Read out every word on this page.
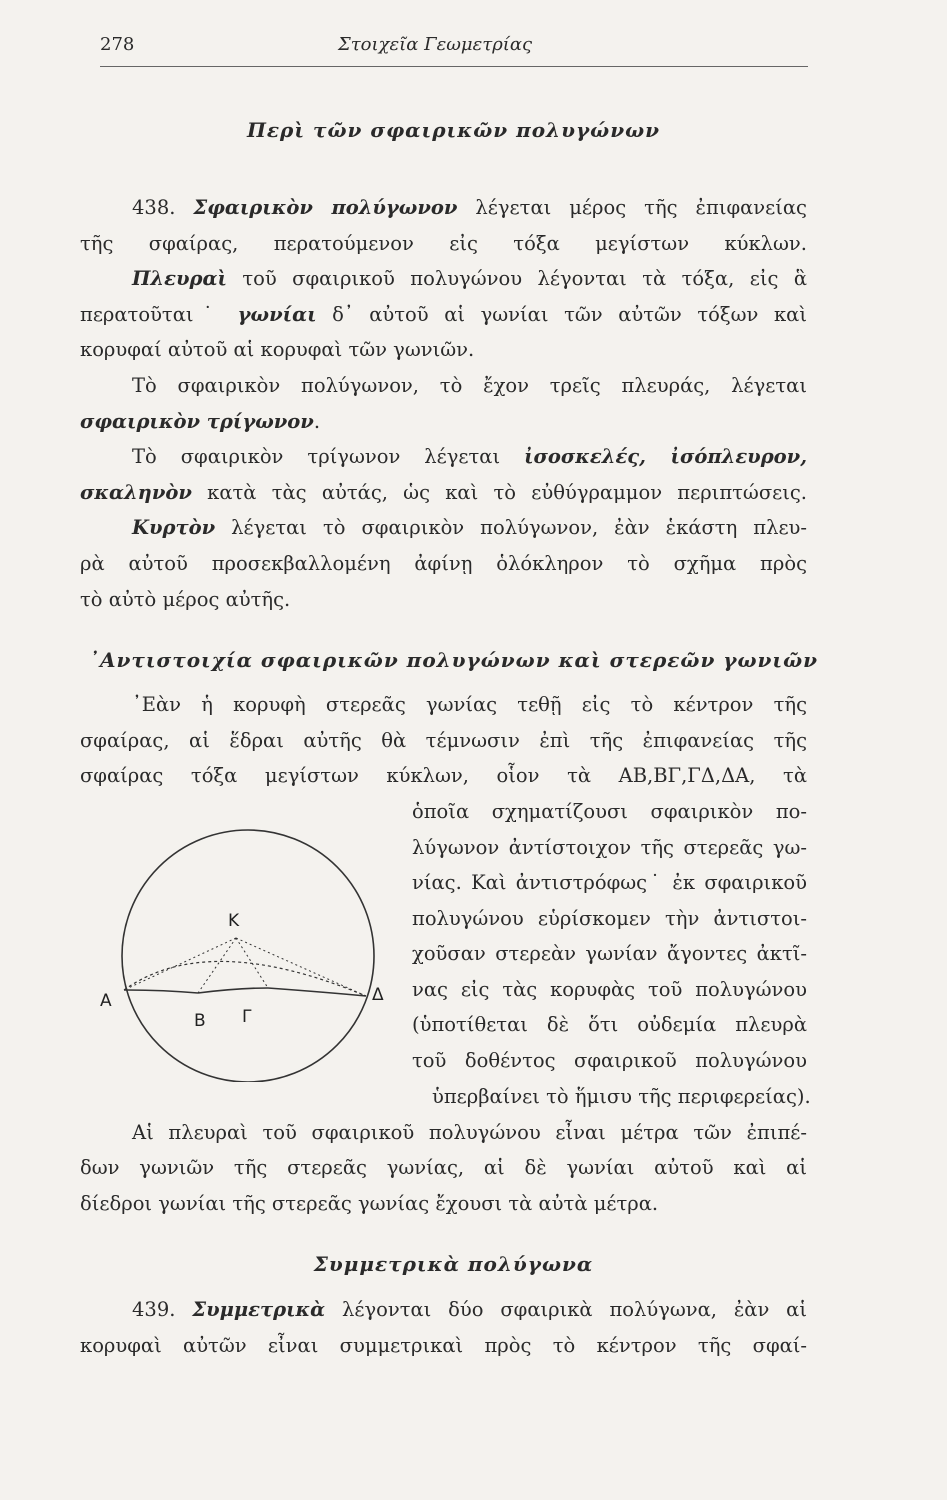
278	Στοιχεῖα Γεωμετρίας
Περὶ τῶν σφαιρικῶν πολυγώνων
438. Σφαιρικὸν πολύγωνον λέγεται μέρος τῆς ἐπιφανείας
τῆς σφαίρας, περατούμενον εἰς τόξα μεγίστων κύκλων.
Πλευραὶ τοῦ σφαιρικοῦ πολυγώνου λέγονται τὰ τόξα, εἰς ἃ
περατοῦται˙ γωνίαι δ᾿ αὐτοῦ αἱ γωνίαι τῶν αὐτῶν τόξων καὶ
κορυφαί αὐτοῦ αἱ κορυφαὶ τῶν γωνιῶν.
Τὸ σφαιρικὸν πολύγωνον, τὸ ἔχον τρεῖς πλευράς, λέγεται
σφαιρικὸν τρίγωνον.
Τὸ σφαιρικὸν τρίγωνον λέγεται ἰσοσκελές, ἰσόπλευρον,
σκαληνὸν κατὰ τὰς αὐτάς, ὡς καὶ τὸ εὐθύγραμμον περιπτώσεις.
Κυρτὸν λέγεται τὸ σφαιρικὸν πολύγωνον, ἐὰν ἑκάστη πλευ-
ρὰ αὐτοῦ προσεκβαλλομένη ἀφίνῃ ὁλόκληρον τὸ σχῆμα πρὸς
τὸ αὐτὸ μέρος αὐτῆς.
᾿Αντιστοιχία σφαιρικῶν πολυγώνων καὶ στερεῶν γωνιῶν
᾿Εὰν ἡ κορυφὴ στερεᾶς γωνίας τεθῇ εἰς τὸ κέντρον τῆς
σφαίρας, αἱ ἕδραι αὐτῆς θὰ τέμνωσιν ἐπὶ τῆς ἐπιφανείας τῆς
σφαίρας τόξα μεγίστων κύκλων, οἷον τὰ ΑΒ,ΒΓ,ΓΔ,ΔΑ, τὰ
ὁποῖα σχηματίζουσι σφαιρικὸν πο-
λύγωνον ἀντίστοιχον τῆς στερεᾶς γω-
νίας. Καὶ ἀντιστρόφως˙ ἐκ σφαιρικοῦ
πολυγώνου εὑρίσκομεν τὴν ἀντιστοι-
χοῦσαν στερεὰν γωνίαν ἄγοντες ἀκτῖ-
νας εἰς τὰς κορυφὰς τοῦ πολυγώνου
(ὑποτίθεται δὲ ὅτι οὐδεμία πλευρὰ
τοῦ δοθέντος σφαιρικοῦ πολυγώνου
ὑπερβαίνει τὸ ἥμισυ τῆς περιφερείας).
K
A
B Γ
Δ
Αἱ πλευραὶ τοῦ σφαιρικοῦ πολυγώνου εἶναι μέτρα τῶν ἐπιπέ-
δων γωνιῶν τῆς στερεᾶς γωνίας, αἱ δὲ γωνίαι αὐτοῦ καὶ αἱ
δίεδροι γωνίαι τῆς στερεᾶς γωνίας ἔχουσι τὰ αὐτὰ μέτρα.
Συμμετρικὰ πολύγωνα
439. Συμμετρικὰ λέγονται δύο σφαιρικὰ πολύγωνα, ἐὰν αἱ
κορυφαὶ αὐτῶν εἶναι συμμετρικαὶ πρὸς τὸ κέντρον τῆς σφαί-
